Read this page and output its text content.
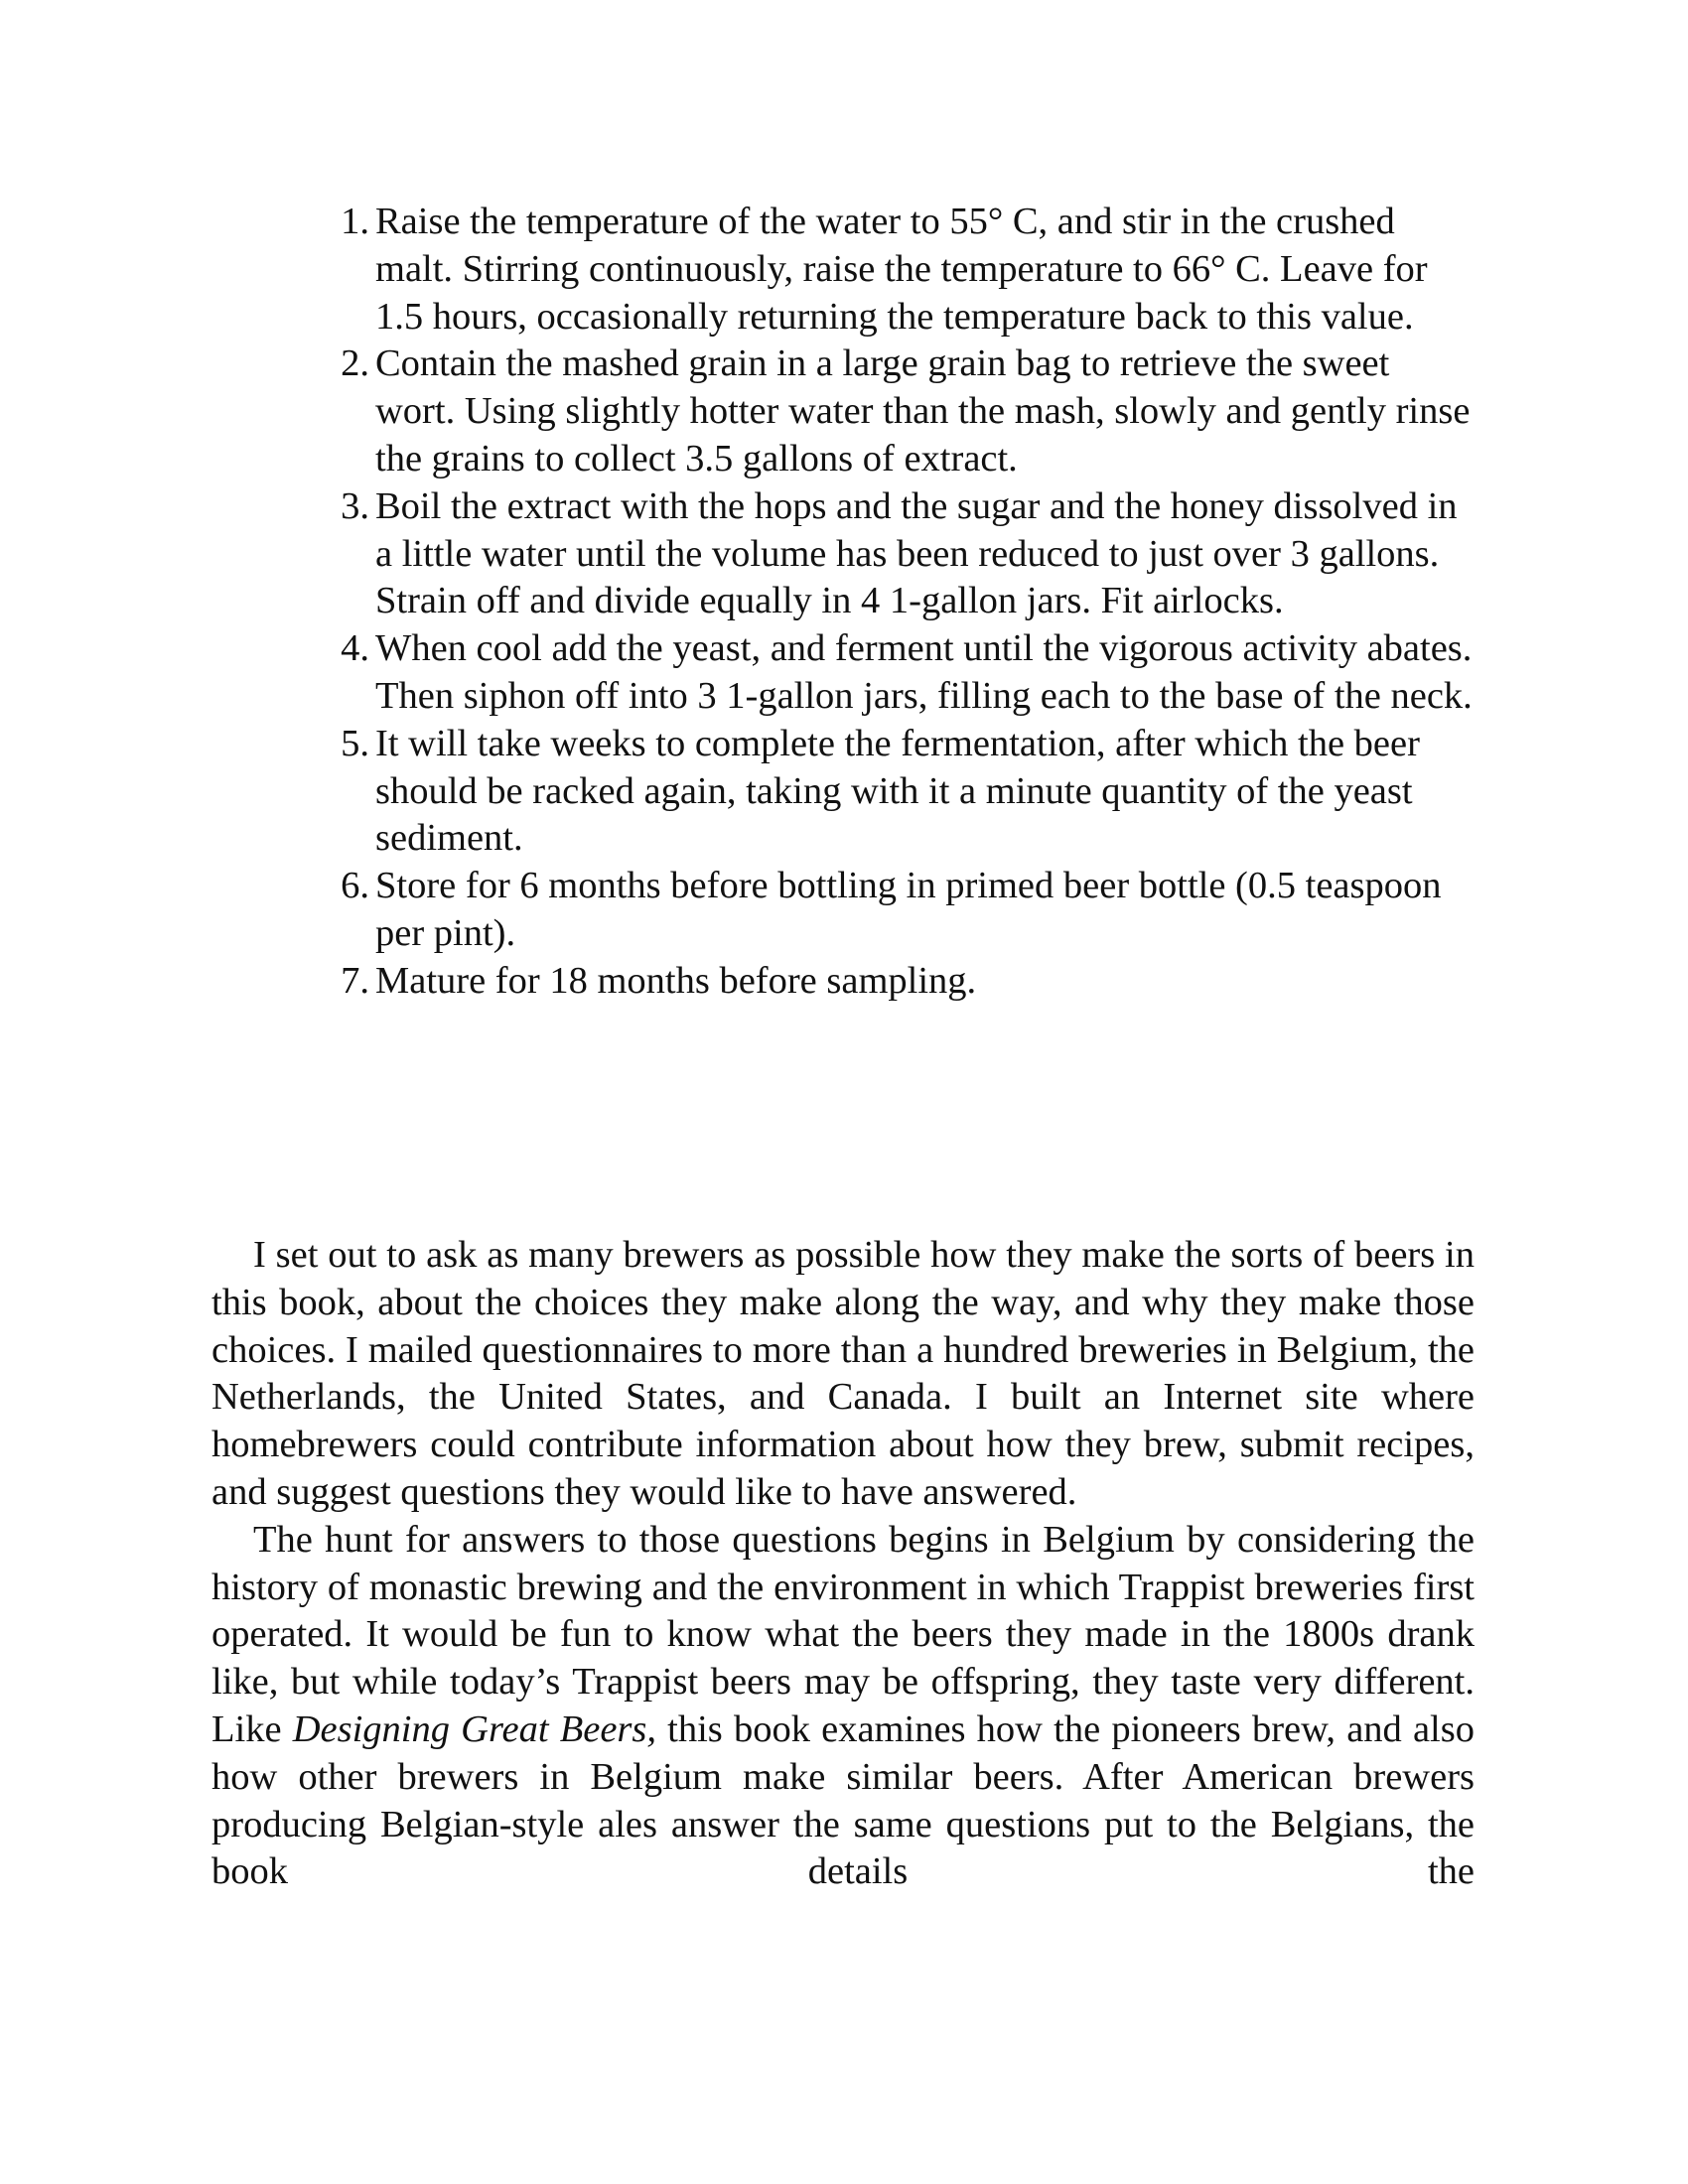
1 . Raise the temperature of the water to 55° C, and stir in the crushed malt. Stirring continuously, raise the temperature to 66° C. Leave for 1.5 hours, occasionally returning the temperature back to this value.
2 . Contain the mashed grain in a large grain bag to retrieve the sweet wort. Using slightly hotter water than the mash, slowly and gently rinse the grains to collect 3.5 gallons of extract.
3 . Boil the extract with the hops and the sugar and the honey dissolved in a little water until the volume has been reduced to just over 3 gallons. Strain off and divide equally in 4 1-gallon jars. Fit airlocks.
4 . When cool add the yeast, and ferment until the vigorous activity abates. Then siphon off into 3 1-gallon jars, filling each to the base of the neck.
5 . It will take weeks to complete the fermentation, after which the beer should be racked again, taking with it a minute quantity of the yeast sediment.
6 . Store for 6 months before bottling in primed beer bottle (0.5 teaspoon per pint).
7 . Mature for 18 months before sampling.

I set out to ask as many brewers as possible how they make the sorts of beers in this book, about the choices they make along the way, and why they make those choices. I mailed questionnaires to more than a hundred breweries in Belgium, the Netherlands, the United States, and Canada. I built an Internet site where homebrewers could contribute information about how they brew, submit recipes, and suggest questions they would like to have answered.

The hunt for answers to those questions begins in Belgium by considering the history of monastic brewing and the environment in which Trappist breweries first operated. It would be fun to know what the beers they made in the 1800s drank like, but while today’s Trappist beers may be offspring, they taste very different. Like Designing Great Beers, this book examines how the pioneers brew, and also how other brewers in Belgium make similar beers. After American brewers producing Belgian-style ales answer the same questions put to the Belgians, the book details the
